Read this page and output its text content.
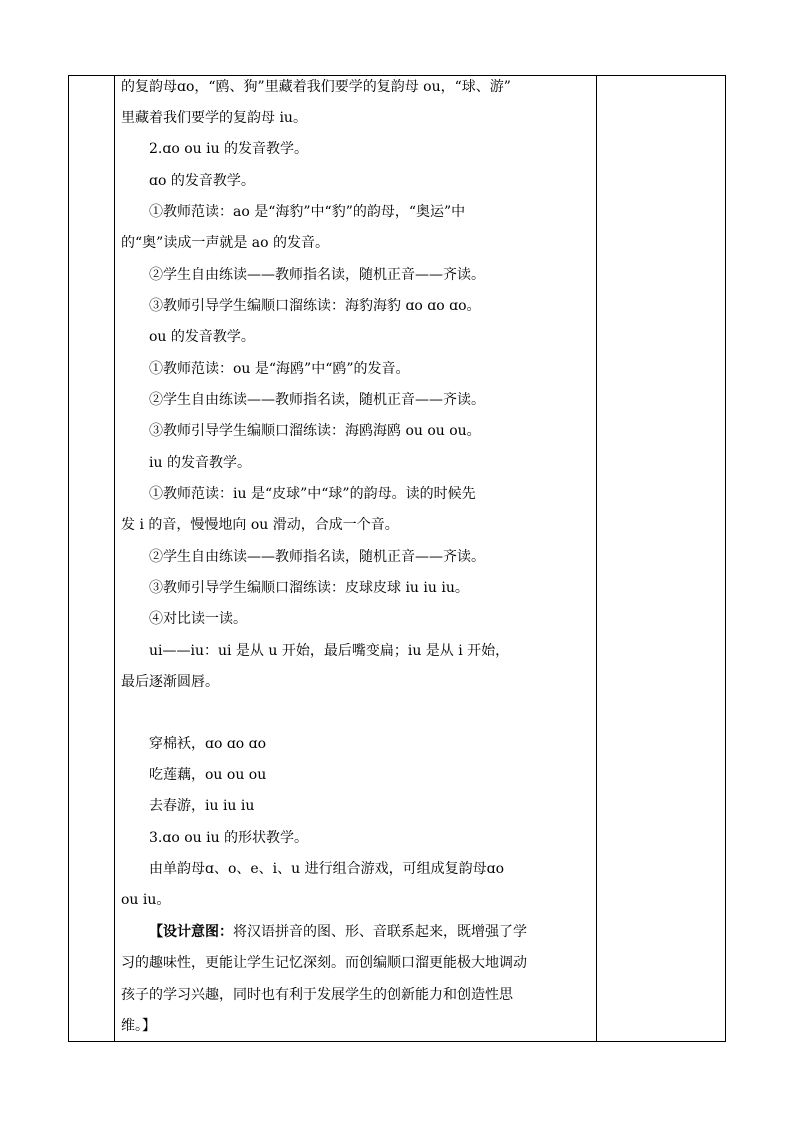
的复韵母ɑo，“鸥、狗”里藏着我们要学的复韵母 ou，“球、游”
里藏着我们要学的复韵母 iu。
2.ɑo ou iu 的发音教学。
ɑo 的发音教学。
①教师范读：ao 是“海豹”中“豹”的韵母，“奥运”中
的“奥”读成一声就是 ao 的发音。
②学生自由练读——教师指名读，随机正音——齐读。
③教师引导学生编顺口溜练读：海豹海豹 ɑo ɑo ɑo。
ou 的发音教学。
①教师范读：ou 是“海鸥”中“鸥”的发音。
②学生自由练读——教师指名读，随机正音——齐读。
③教师引导学生编顺口溜练读：海鸥海鸥 ou ou ou。
iu 的发音教学。
①教师范读：iu 是“皮球”中“球”的韵母。读的时候先
发 i 的音，慢慢地向 ou 滑动，合成一个音。
②学生自由练读——教师指名读，随机正音——齐读。
③教师引导学生编顺口溜练读：皮球皮球 iu iu iu。
④对比读一读。
ui——iu：ui 是从 u 开始，最后嘴变扁；iu 是从 i 开始，
最后逐渐圆唇。
穿棉袄，ɑo ɑo ɑo
吃莲藕，ou ou ou
去春游，iu iu iu
3.ɑo ou iu 的形状教学。
由单韵母ɑ、o、e、i、u 进行组合游戏，可组成复韵母ɑo
ou iu。
【设计意图：将汉语拼音的图、形、音联系起来，既增强了学
习的趣味性，更能让学生记忆深刻。而创编顺口溜更能极大地调动
孩子的学习兴趣，同时也有利于发展学生的创新能力和创造性思
维。】
